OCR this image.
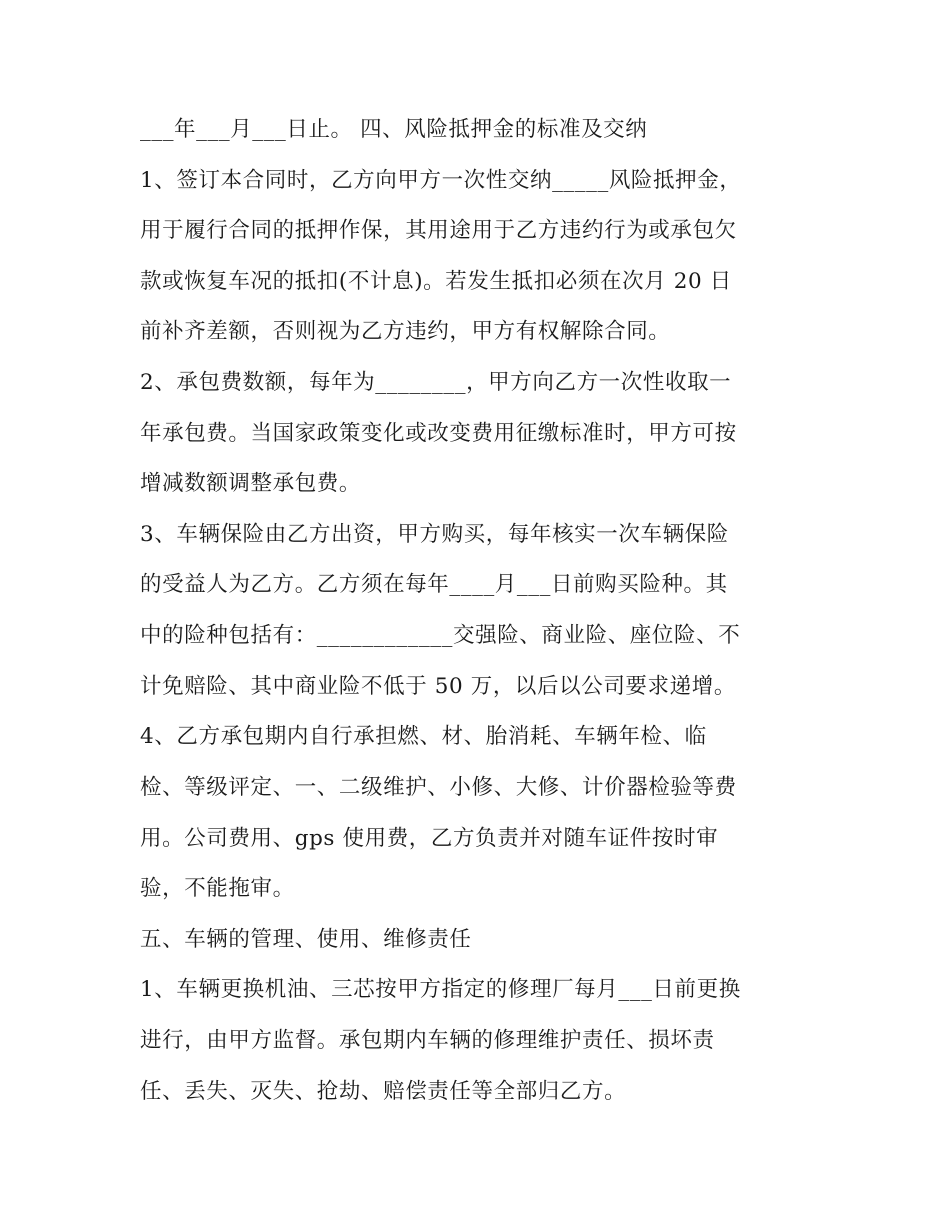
___年___月___日止。 四、风险抵押金的标准及交纳
1、签订本合同时，乙方向甲方一次性交纳_____风险抵押金，
用于履行合同的抵押作保，其用途用于乙方违约行为或承包欠
款或恢复车况的抵扣(不计息)。若发生抵扣必须在次月 20 日
前补齐差额，否则视为乙方违约，甲方有权解除合同。
2、承包费数额，每年为________，甲方向乙方一次性收取一
年承包费。当国家政策变化或改变费用征缴标准时，甲方可按
增减数额调整承包费。
3、车辆保险由乙方出资，甲方购买，每年核实一次车辆保险
的受益人为乙方。乙方须在每年____月___日前购买险种。其
中的险种包括有：____________交强险、商业险、座位险、不
计免赔险、其中商业险不低于 50 万，以后以公司要求递增。
4、乙方承包期内自行承担燃、材、胎消耗、车辆年检、临
检、等级评定、一、二级维护、小修、大修、计价器检验等费
用。公司费用、gps 使用费，乙方负责并对随车证件按时审
验，不能拖审。
五、车辆的管理、使用、维修责任
1、车辆更换机油、三芯按甲方指定的修理厂每月___日前更换
进行，由甲方监督。承包期内车辆的修理维护责任、损坏责
任、丢失、灭失、抢劫、赔偿责任等全部归乙方。
